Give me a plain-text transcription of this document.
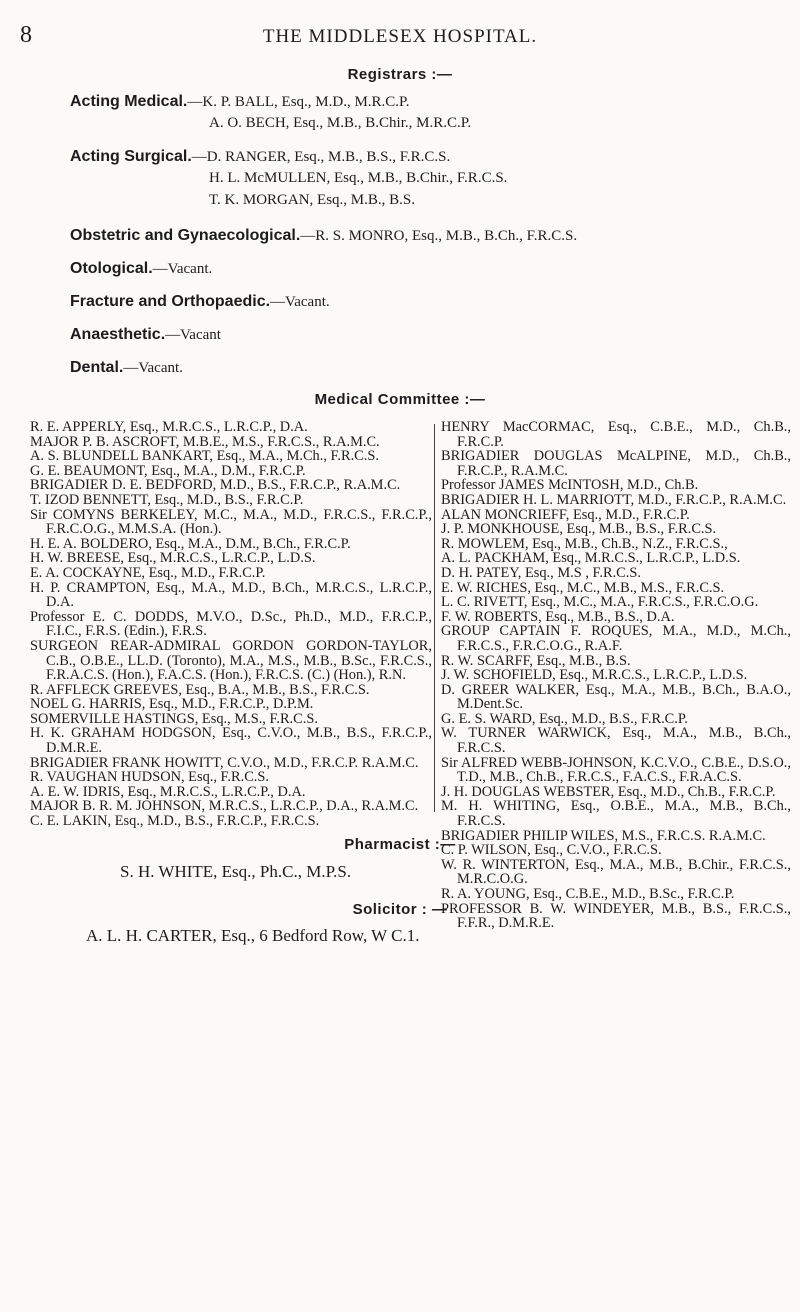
8	THE MIDDLESEX HOSPITAL.
Registrars :—
Acting Medical.—K. P. BALL, Esq., M.D., M.R.C.P.
A. O. BECH, Esq., M.B., B.Chir., M.R.C.P.
Acting Surgical.—D. RANGER, Esq., M.B., B.S., F.R.C.S.
H. L. McMULLEN, Esq., M.B., B.Chir., F.R.C.S.
T. K. MORGAN, Esq., M.B., B.S.
Obstetric and Gynaecological.—R. S. MONRO, Esq., M.B., B.Ch., F.R.C.S.
Otological.—Vacant.
Fracture and Orthopaedic.—Vacant.
Anaesthetic.—Vacant
Dental.—Vacant.
Medical Committee :—

R. E. APPERLY, Esq., M.R.C.S., L.R.C.P., D.A.

MAJOR P. B. ASCROFT, M.B.E., M.S., F.R.C.S., R.A.M.C.

A. S. BLUNDELL BANKART, Esq., M.A., M.Ch., F.R.C.S.

G. E. BEAUMONT, Esq., M.A., D.M., F.R.C.P.

BRIGADIER D. E. BEDFORD, M.D., B.S., F.R.C.P., R.A.M.C.

T. IZOD BENNETT, Esq., M.D., B.S., F.R.C.P.

Sir COMYNS BERKELEY, M.C., M.A., M.D., F.R.C.S., F.R.C.P., F.R.C.O.G., M.M.S.A. (Hon.).

H. E. A. BOLDERO, Esq., M.A., D.M., B.Ch., F.R.C.P.

H. W. BREESE, Esq., M.R.C.S., L.R.C.P., L.D.S.

E. A. COCKAYNE, Esq., M.D., F.R.C.P.

H. P. CRAMPTON, Esq., M.A., M.D., B.Ch., M.R.C.S., L.R.C.P., D.A.

Professor E. C. DODDS, M.V.O., D.Sc., Ph.D., M.D., F.R.C.P., F.I.C., F.R.S. (Edin.), F.R.S.

SURGEON REAR-ADMIRAL GORDON GORDON-TAYLOR, C.B., O.B.E., LL.D. (Toronto), M.A., M.S., M.B., B.Sc., F.R.C.S., F.R.A.C.S. (Hon.), F.A.C.S. (Hon.), F.R.C.S. (C.) (Hon.), R.N.

R. AFFLECK GREEVES, Esq., B.A., M.B., B.S., F.R.C.S.

NOEL G. HARRIS, Esq., M.D., F.R.C.P., D.P.M.

SOMERVILLE HASTINGS, Esq., M.S., F.R.C.S.

H. K. GRAHAM HODGSON, Esq., C.V.O., M.B., B.S., F.R.C.P., D.M.R.E.

BRIGADIER FRANK HOWITT, C.V.O., M.D., F.R.C.P. R.A.M.C.

R. VAUGHAN HUDSON, Esq., F.R.C.S.

A. E. W. IDRIS, Esq., M.R.C.S., L.R.C.P., D.A.

MAJOR B. R. M. JOHNSON, M.R.C.S., L.R.C.P., D.A., R.A.M.C.

C. E. LAKIN, Esq., M.D., B.S., F.R.C.P., F.R.C.S.

HENRY MacCORMAC, Esq., C.B.E., M.D., Ch.B., F.R.C.P.

BRIGADIER DOUGLAS McALPINE, M.D., Ch.B., F.R.C.P., R.A.M.C.

Professor JAMES McINTOSH, M.D., Ch.B.

BRIGADIER H. L. MARRIOTT, M.D., F.R.C.P., R.A.M.C.

ALAN MONCRIEFF, Esq., M.D., F.R.C.P.

J. P. MONKHOUSE, Esq., M.B., B.S., F.R.C.S.

R. MOWLEM, Esq., M.B., Ch.B., N.Z., F.R.C.S.,

A. L. PACKHAM, Esq., M.R.C.S., L.R.C.P., L.D.S.

D. H. PATEY, Esq., M.S , F.R.C.S.

E. W. RICHES, Esq., M.C., M.B., M.S., F.R.C.S.

L. C. RIVETT, Esq., M.C., M.A., F.R.C.S., F.R.C.O.G.

F. W. ROBERTS, Esq., M.B., B.S., D.A.

GROUP CAPTAIN F. ROQUES, M.A., M.D., M.Ch., F.R.C.S., F.R.C.O.G., R.A.F.

R. W. SCARFF, Esq., M.B., B.S.

J. W. SCHOFIELD, Esq., M.R.C.S., L.R.C.P., L.D.S.

D. GREER WALKER, Esq., M.A., M.B., B.Ch., B.A.O., M.Dent.Sc.

G. E. S. WARD, Esq., M.D., B.S., F.R.C.P.

W. TURNER WARWICK, Esq., M.A., M.B., B.Ch., F.R.C.S.

Sir ALFRED WEBB-JOHNSON, K.C.V.O., C.B.E., D.S.O., T.D., M.B., Ch.B., F.R.C.S., F.A.C.S., F.R.A.C.S.

J. H. DOUGLAS WEBSTER, Esq., M.D., Ch.B., F.R.C.P.

M. H. WHITING, Esq., O.B.E., M.A., M.B., B.Ch., F.R.C.S.

BRIGADIER PHILIP WILES, M.S., F.R.C.S. R.A.M.C.

C. P. WILSON, Esq., C.V.O., F.R.C.S.

W. R. WINTERTON, Esq., M.A., M.B., B.Chir., F.R.C.S., M.R.C.O.G.

R. A. YOUNG, Esq., C.B.E., M.D., B.Sc., F.R.C.P.

PROFESSOR B. W. WINDEYER, M.B., B.S., F.R.C.S., F.F.R., D.M.R.E.

Pharmacist :—
S. H. WHITE, Esq., Ph.C., M.P.S.
Solicitor : —
A. L. H. CARTER, Esq., 6 Bedford Row, W C.1.
